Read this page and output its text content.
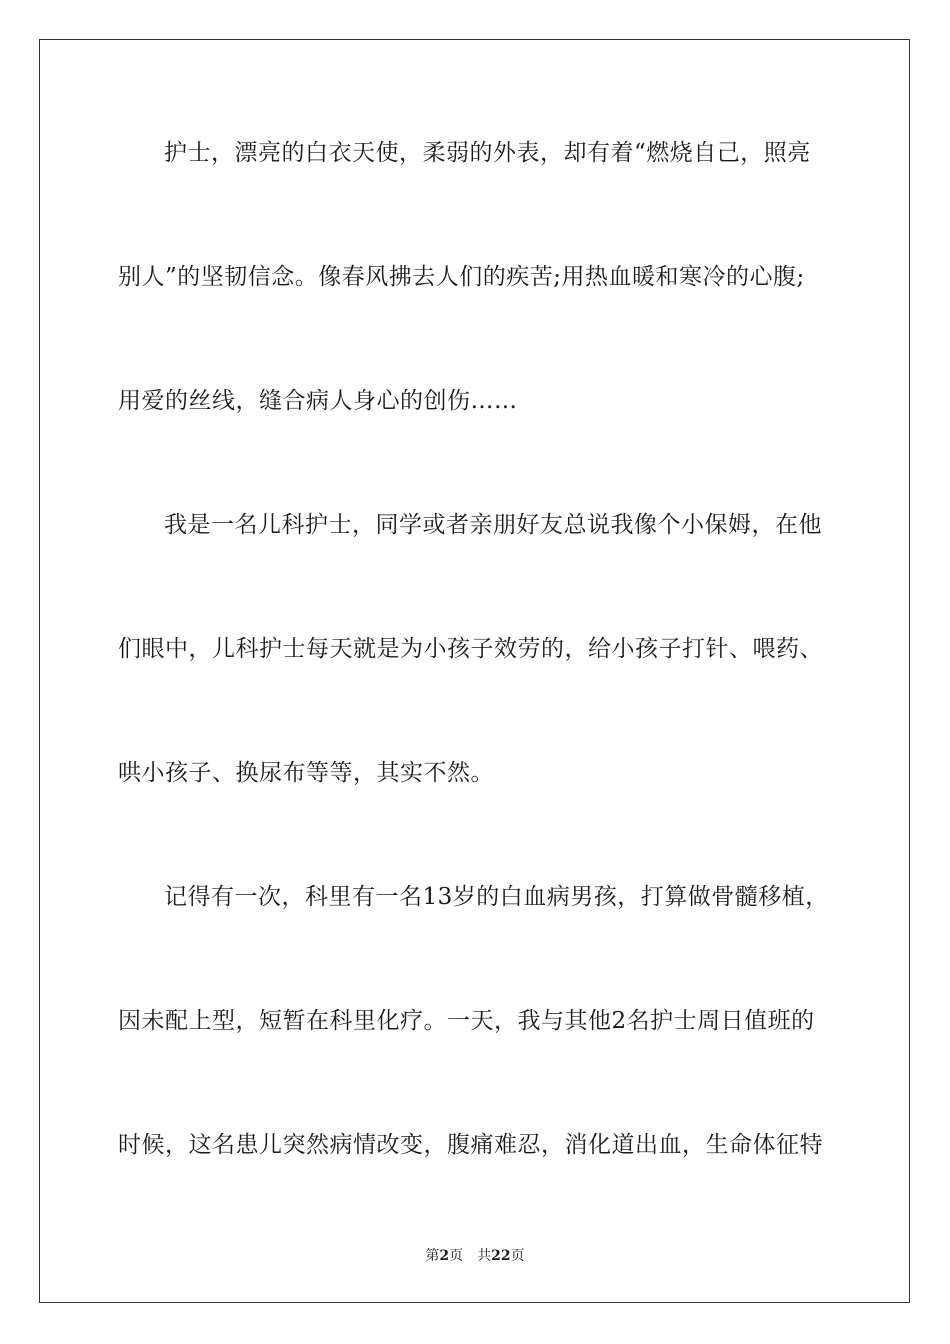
护士，漂亮的白衣天使，柔弱的外表，却有着“燃烧自己，照亮
别人”的坚韧信念。像春风拂去人们的疾苦;用热血暖和寒冷的心腹;
用爱的丝线，缝合病人身心的创伤……
我是一名儿科护士，同学或者亲朋好友总说我像个小保姆，在他
们眼中，儿科护士每天就是为小孩子效劳的，给小孩子打针、喂药、
哄小孩子、换尿布等等，其实不然。
记得有一次，科里有一名13岁的白血病男孩，打算做骨髓移植，
因未配上型，短暂在科里化疗。一天，我与其他2名护士周日值班的
时候，这名患儿突然病情改变，腹痛难忍，消化道出血，生命体征特
第2页 共22页
